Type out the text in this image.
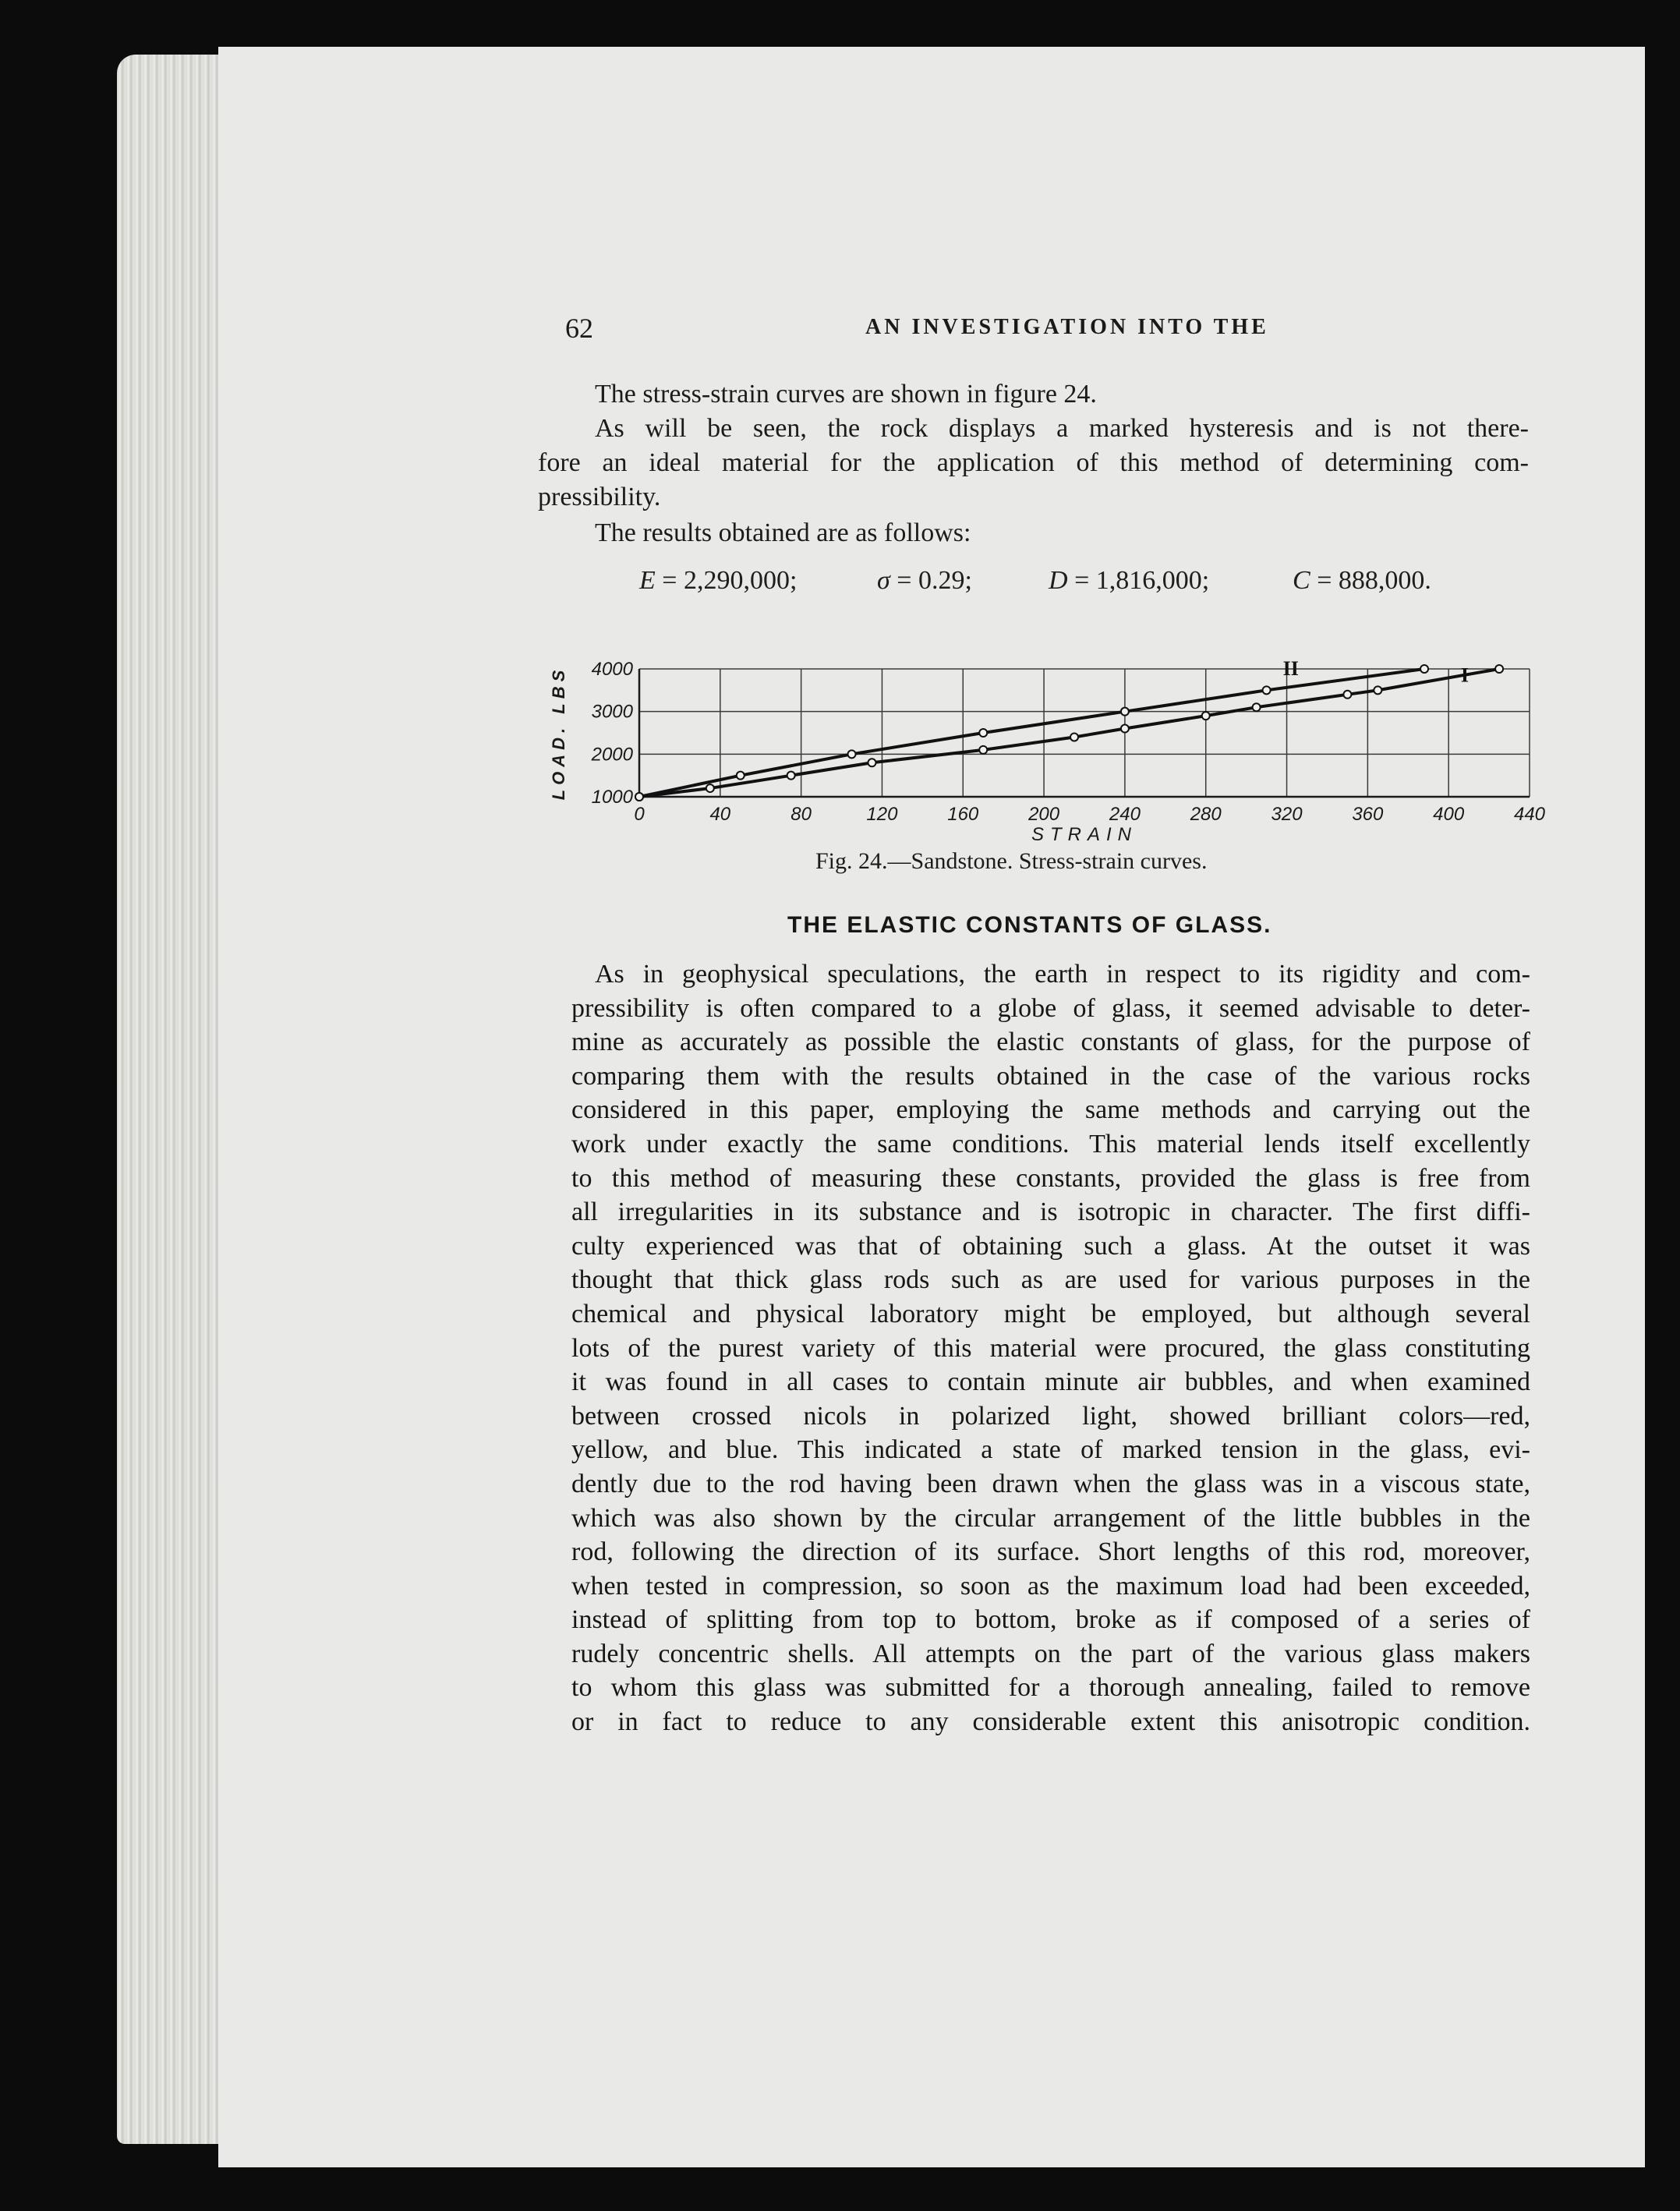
62	AN INVESTIGATION INTO THE

The stress-strain curves are shown in figure 24.

As will be seen, the rock displays a marked hysteresis and is not there-

fore an ideal material for the application of this method of determining com-

pressibility.

The results obtained are as follows:

E = 2,290,000;	σ = 0.29;	D = 1,816,000;	C = 888,000.
0	40	80	120	160	200	240	280	320	360	400	440
1000
2000
3000
4000
STRAIN
LOAD. LBS	I
II
Fig. 24.—Sandstone. Stress-strain curves.
THE ELASTIC CONSTANTS OF GLASS.
As in geophysical speculations, the earth in respect to its rigidity and com-
pressibility is often compared to a globe of glass, it seemed advisable to deter-
mine as accurately as possible the elastic constants of glass, for the purpose of
comparing them with the results obtained in the case of the various rocks
considered in this paper, employing the same methods and carrying out the
work under exactly the same conditions. This material lends itself excellently
to this method of measuring these constants, provided the glass is free from
all irregularities in its substance and is isotropic in character. The first diffi-
culty experienced was that of obtaining such a glass. At the outset it was
thought that thick glass rods such as are used for various purposes in the
chemical and physical laboratory might be employed, but although several
lots of the purest variety of this material were procured, the glass constituting
it was found in all cases to contain minute air bubbles, and when examined
between crossed nicols in polarized light, showed brilliant colors—red,
yellow, and blue. This indicated a state of marked tension in the glass, evi-
dently due to the rod having been drawn when the glass was in a viscous state,
which was also shown by the circular arrangement of the little bubbles in the
rod, following the direction of its surface. Short lengths of this rod, moreover,
when tested in compression, so soon as the maximum load had been exceeded,
instead of splitting from top to bottom, broke as if composed of a series of
rudely concentric shells. All attempts on the part of the various glass makers
to whom this glass was submitted for a thorough annealing, failed to remove
or in fact to reduce to any considerable extent this anisotropic condition.
